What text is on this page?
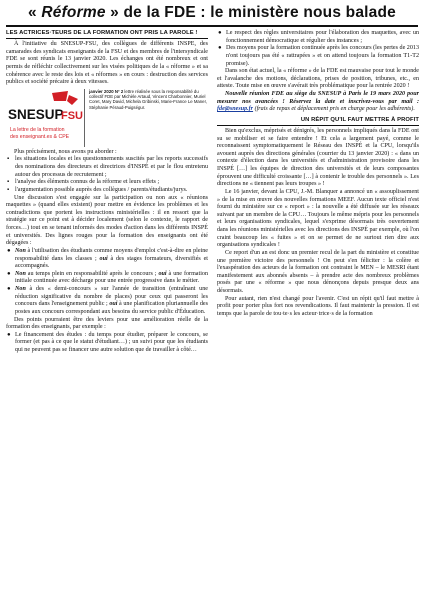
« Réforme » de la FDE : le ministère nous balade
LES ACTRICES·TEURS DE LA FORMATION ONT PRIS LA PAROLE !

À l'initiative du SNESUP-FSU, des collègues de différents INSPE, des camarades des syndicats enseignants de la FSU et des membres de l'intersyndicale FDE se sont réunis le 13 janvier 2020. Les échanges ont été nombreux et ont permis de réfléchir collectivement sur les visées politiques de la « réforme » et sa cohérence avec le reste des lois et « réformes » en cours : destruction des services publics et société précaire à deux vitesses.

SNESUP
FSU
La lettre de la formation
des enseignant.es & CPE
janvier 2020 N° 2 lettre réalisée sous la responsabilité du collectif FDE par Michèle Artaud, Vincent Charbonnier, Muriel Coret, Mary David, Michela Gribinski, Marie-France Le Maner, Stéphanie Péraud-Puigségur.

Plus précisément, nous avons pu aborder :

▪ les situations locales et les questionnements suscités par les reports successifs des nominations des directeurs et directrices d'INSPÉ et par le flou entretenu autour des processus de recrutement ;
▪ l'analyse des éléments connus de la réforme et leurs effets ;
▪ l'argumentation possible auprès des collègues / parents/étudiants/jurys.

Une discussion s'est engagée sur la participation ou non aux « réunions maquettes » (quand elles existent) pour mettre en évidence les problèmes et les contradictions que portent les instructions ministérielles : il en ressort que la stratégie sur ce point est à décider localement (selon le contexte, le rapport de forces…) tout en se tenant informés des modes d'action dans les différents INSPÉ et universités. Des lignes rouges pour la formation des enseignants ont été dégagées :

● Non à l'utilisation des étudiants comme moyens d'emploi c'est-à-dire en pleine responsabilité dans les classes ; oui à des stages formateurs, diversifiés et accompagnés.
● Non au temps plein en responsabilité après le concours ; oui à une formation initiale continuée avec décharge pour une entrée progressive dans le métier.
● Non à des « demi-concours » sur l'année de transition (entraînant une réduction significative du nombre de places) pour ceux qui passeront les concours dans l'enseignement public ; oui à une planification pluriannuelle des postes aux concours correspondant aux besoins du service public d'Éducation.

Des points pourraient être des leviers pour une amélioration réelle de la formation des enseignants, par exemple :

● Le financement des études : du temps pour étudier, préparer le concours, se former (et pas à ce que le statut d'étudiant…) ; un suivi pour que les étudiants qui ne peuvent pas se financer une autre solution que de travailler à côté…
● Le respect des règles universitaires pour l'élaboration des maquettes, avec un fonctionnement démocratique et régulier des instances ;
● Des moyens pour la formation continuée après les concours (les pertes de 2013 n'ont toujours pas été « rattrapées » et on attend toujours la formation T1-T2 promise).

Dans son état actuel, la « réforme » de la FDE est mauvaise pour tout le monde et l'avalanche des motions, déclarations, prises de position, tribunes, etc., en atteste. Toute mise en œuvre s'avérait très problématique pour la rentrée 2020 !

Nouvelle réunion FDE au siège du SNESUP à Paris le 19 mars 2020 pour mesurer nos avancées ! Réservez la date et inscrivez-vous par mail : fde@snesup.fr (frais de repas et déplacement pris en charge pour les adhérents).

UN RÉPIT QU'IL FAUT METTRE À PROFIT

Bien qu'exclus, méprisés et dénigrés, les personnels impliqués dans la FDE ont su se mobiliser et se faire entendre ! Et cela a largement payé, comme le reconnaissent symptomatiquement le Réseau des INSPÉ et la CPU, lorsqu'ils avouent auprès des directions générales (courrier du 13 janvier 2020) : « dans un contexte d'élection dans les universités et d'administration provisoire dans les INSPÉ […] les équipes de direction des universités et de leurs composantes éprouvent une difficulté croissante […] à contenir le trouble des personnels ». Les directions ne « tiennent pas leurs troupes » !

Le 16 janvier, devant la CPU, J.-M. Blanquer a annoncé un « assouplissement » de la mise en œuvre des nouvelles formations MEEF. Aucun texte officiel n'est fourni du ministère sur ce « report » : la nouvelle a été diffusée sur les réseaux suivant par un membre de la CPU… Toujours le même mépris pour les personnels et leurs organisations syndicales, lequel s'exprime désormais très ouvertement dans les réunions ministérielles avec les directions des INSPÉ par exemple, où l'on craint beaucoup les « fuites » et on se permet de ne surtout rien dire aux organisations syndicales !

Ce report d'un an est donc un premier recul de la part du ministère et constitue une première victoire des personnels ! On peut s'en féliciter : la colère et l'exaspération des acteurs de la formation ont contraint le MEN – le MESRI étant manifestement aux abonnés absents – à prendre acte des nombreux problèmes posés par une « réforme » que nous dénonçons depuis presque deux ans désormais.

Pour autant, rien n'est changé pour l'avenir. C'est un répit qu'il faut mettre à profit pour porter plus fort nos revendications. Il faut maintenir la pression. Il est temps que la parole de tou·te·s les acteur·trice·s de la formation
